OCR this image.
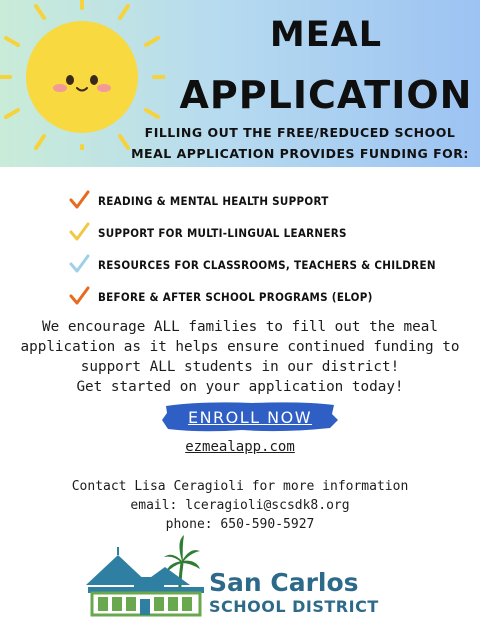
MEAL
APPLICATION
FILLING OUT THE FREE/REDUCED SCHOOL
MEAL APPLICATION PROVIDES FUNDING FOR:
READING & MENTAL HEALTH SUPPORT
SUPPORT FOR MULTI-LINGUAL LEARNERS
RESOURCES FOR CLASSROOMS, TEACHERS & CHILDREN
BEFORE & AFTER SCHOOL PROGRAMS (ELOP)
We encourage ALL families to fill out the meal
application as it helps ensure continued funding to
support ALL students in our district!
Get started on your application today!
ENROLL NOW
ezmealapp.com
Contact Lisa Ceragioli for more information
email: lceragioli@scsdk8.org
phone: 650-590-5927
San Carlos
SCHOOL DISTRICT
